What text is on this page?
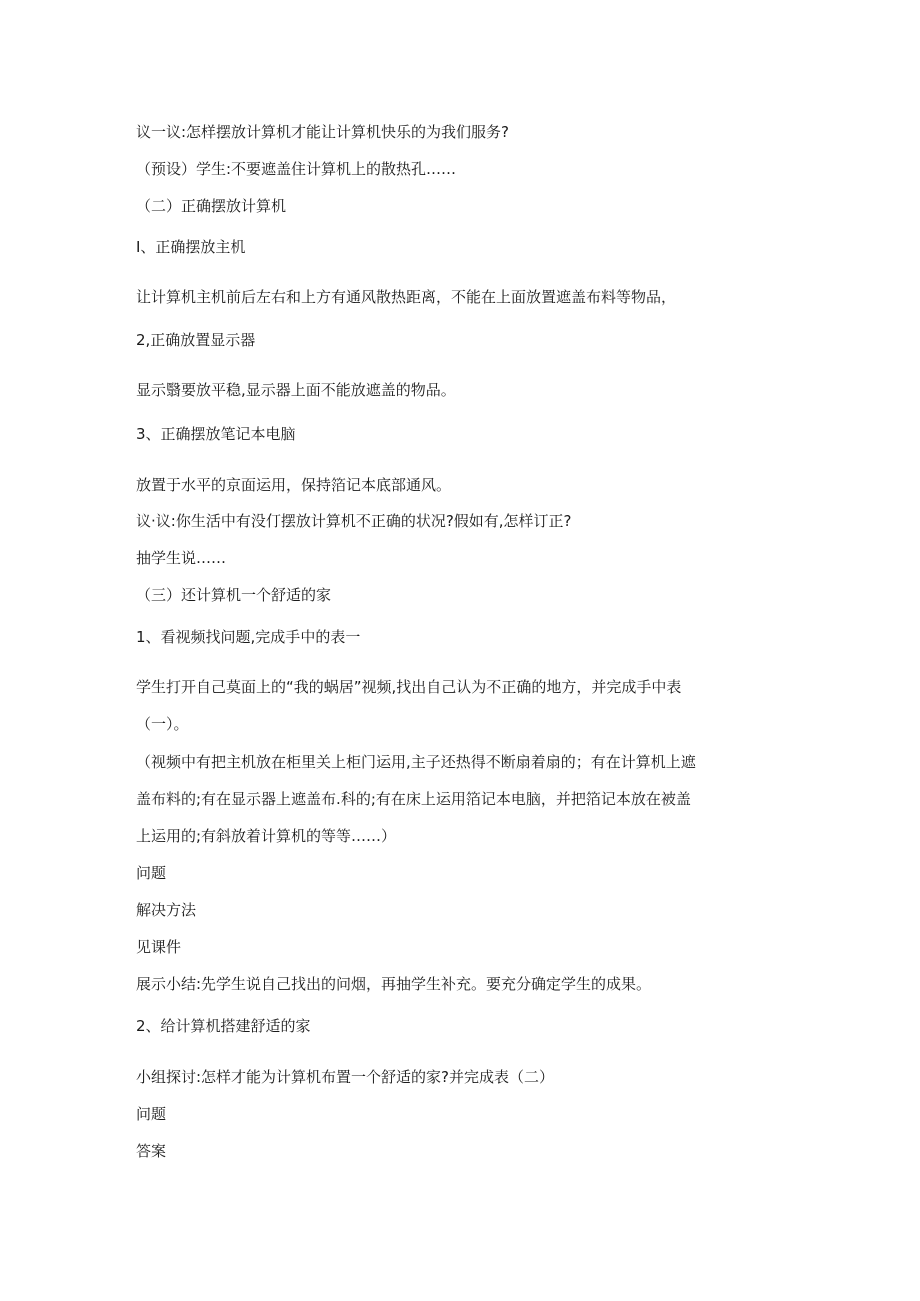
议一议:怎样摆放计算机才能让计算机快乐的为我们服务?
（预设）学生:不要遮盖住计算机上的散热孔……
（二）正确摆放计算机
I、正确摆放主机
让计算机主机前后左右和上方有通风散热距离，不能在上面放置遮盖布料等物品，
2,正确放置显示器
显示翳要放平稳,显示器上面不能放遮盖的物品。
3、正确摆放笔记本电脑
放置于水平的京面运用，保持箔记本底部通风。
议·议:你生活中有没仃摆放计算机不正确的状况?假如有,怎样订正?
抽学生说……
（三）还计算机一个舒适的家
1、看视频找问题,完成手中的表一
学生打开自己莫面上的“我的蜗居”视频,找出自己认为不正确的地方，并完成手中表
（一）。
（视频中有把主机放在柜里关上柜门运用,主子还热得不断扇着扇的；有在计算机上遮
盖布料的;有在显示器上遮盖布.科的;有在床上运用箔记本电脑，并把箔记本放在被盖
上运用的;有斜放着计算机的等等……）
问题
解决方法
见课件
展示小结:先学生说自己找出的问烟，再抽学生补充。要充分确定学生的成果。
2、给计算机搭建舒适的家
小组探讨:怎样才能为计算机布置一个舒适的家?并完成表（二）
问题
答案
